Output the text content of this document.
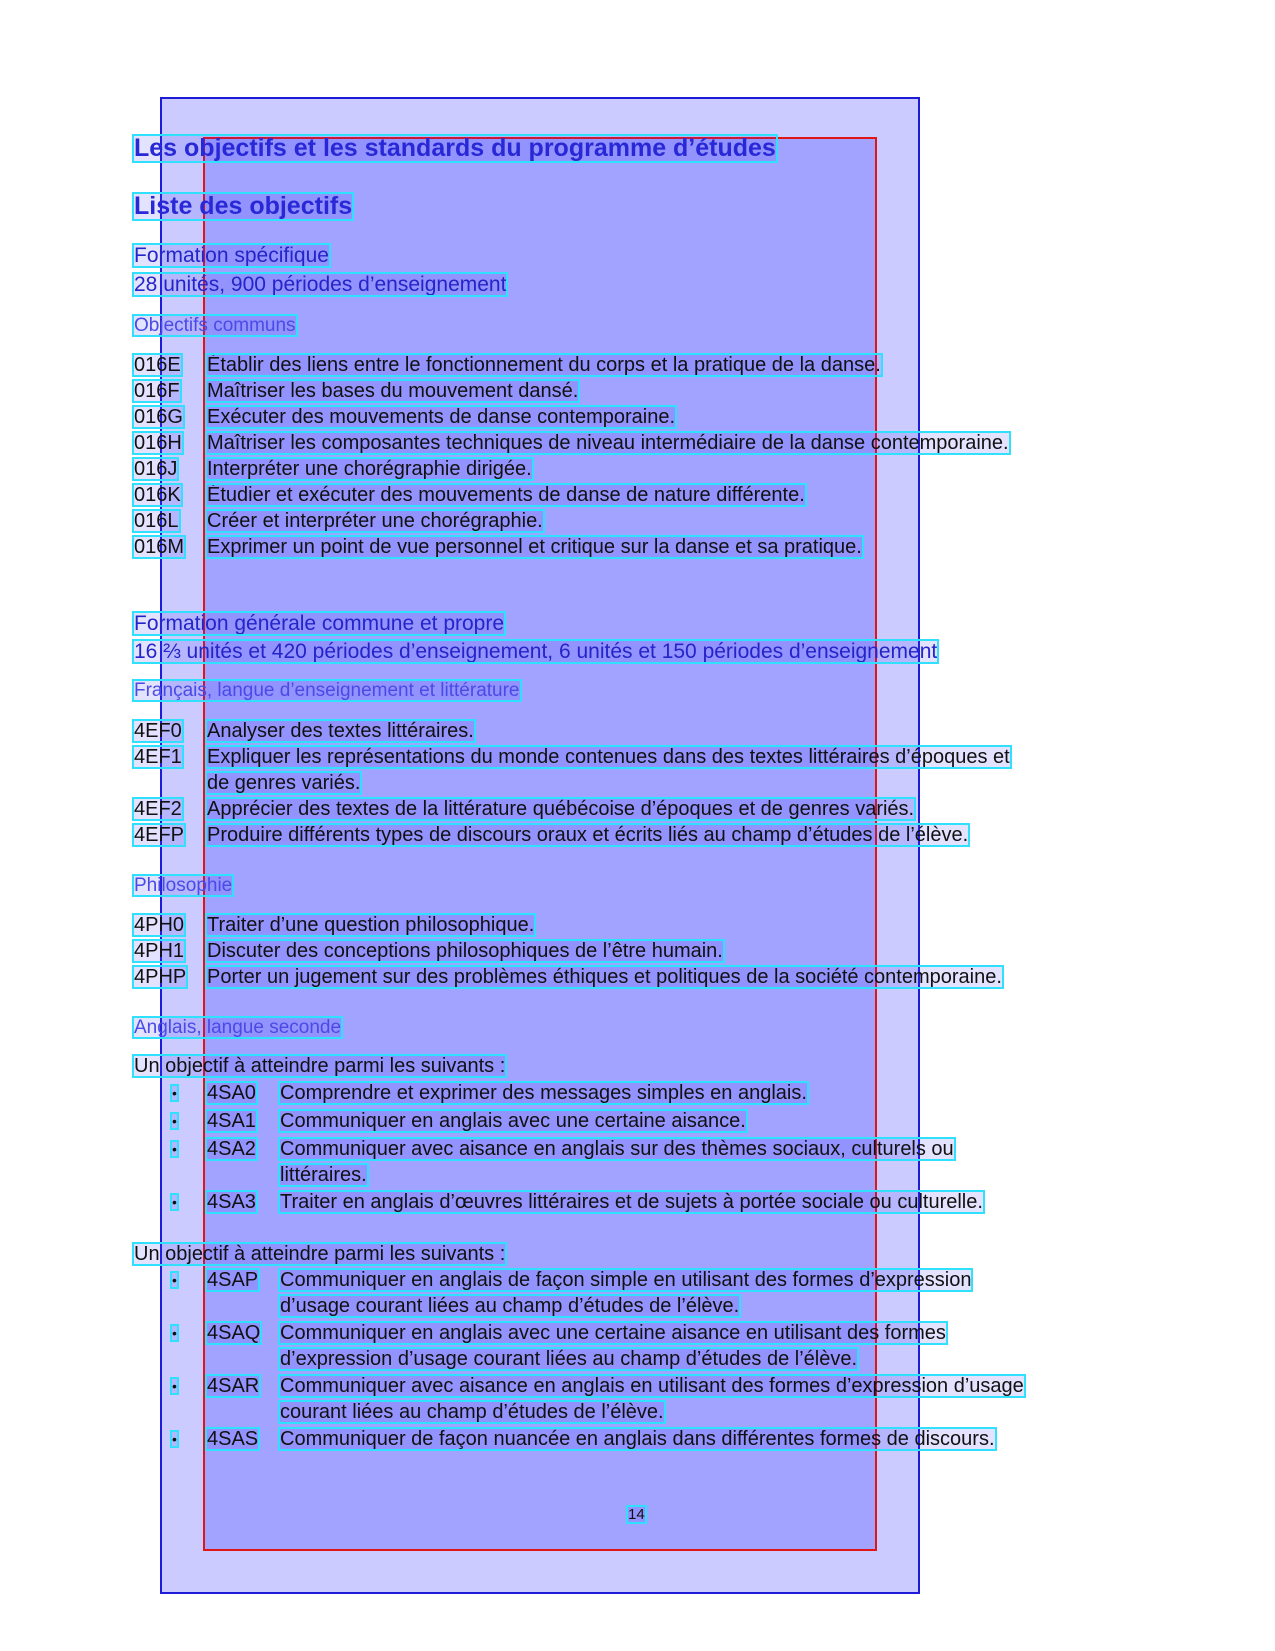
Les objectifs et les standards du programme d’études
Liste des objectifs
Formation spécifique
28 unités, 900 périodes d’enseignement
Objectifs communs
016E Établir des liens entre le fonctionnement du corps et la pratique de la danse.
016F Maîtriser les bases du mouvement dansé.
016G Exécuter des mouvements de danse contemporaine.
016H Maîtriser les composantes techniques de niveau intermédiaire de la danse contemporaine.
016J Interpréter une chorégraphie dirigée.
016K Étudier et exécuter des mouvements de danse de nature différente.
016L Créer et interpréter une chorégraphie.
016M Exprimer un point de vue personnel et critique sur la danse et sa pratique.
Formation générale commune et propre
16 ⅔ unités et 420 périodes d’enseignement, 6 unités et 150 périodes d’enseignement
Français, langue d’enseignement et littérature
4EF0 Analyser des textes littéraires.
4EF1 Expliquer les représentations du monde contenues dans des textes littéraires d’époques et
de genres variés.
4EF2 Apprécier des textes de la littérature québécoise d’époques et de genres variés.
4EFP Produire différents types de discours oraux et écrits liés au champ d’études de l’élève.
Philosophie
4PH0 Traiter d’une question philosophique.
4PH1 Discuter des conceptions philosophiques de l’être humain.
4PHP Porter un jugement sur des problèmes éthiques et politiques de la société contemporaine.
Anglais, langue seconde
Un objectif à atteindre parmi les suivants :
• 4SA0 Comprendre et exprimer des messages simples en anglais.
• 4SA1 Communiquer en anglais avec une certaine aisance.
• 4SA2 Communiquer avec aisance en anglais sur des thèmes sociaux, culturels ou
littéraires.
• 4SA3 Traiter en anglais d’œuvres littéraires et de sujets à portée sociale ou culturelle.
Un objectif à atteindre parmi les suivants :
• 4SAP Communiquer en anglais de façon simple en utilisant des formes d’expression
d’usage courant liées au champ d’études de l’élève.
• 4SAQ Communiquer en anglais avec une certaine aisance en utilisant des formes
d’expression d’usage courant liées au champ d’études de l’élève.
• 4SAR Communiquer avec aisance en anglais en utilisant des formes d’expression d’usage
courant liées au champ d’études de l’élève.
• 4SAS Communiquer de façon nuancée en anglais dans différentes formes de discours.
14
